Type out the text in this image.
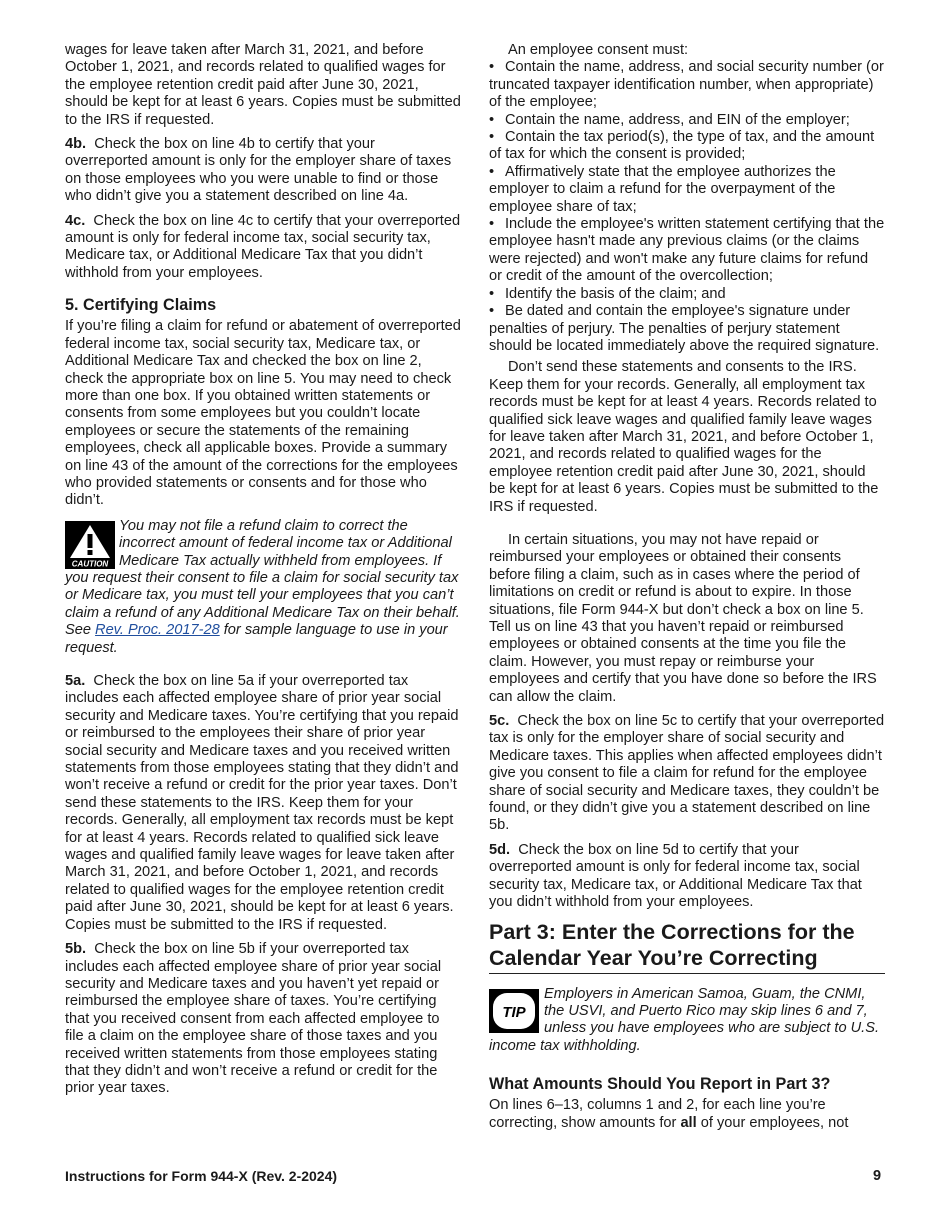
wages for leave taken after March 31, 2021, and before October 1, 2021, and records related to qualified wages for the employee retention credit paid after June 30, 2021, should be kept for at least 6 years. Copies must be submitted to the IRS if requested.

4b. Check the box on line 4b to certify that your overreported amount is only for the employer share of taxes on those employees who you were unable to find or those who didn’t give you a statement described on line 4a.

4c. Check the box on line 4c to certify that your overreported amount is only for federal income tax, social security tax, Medicare tax, or Additional Medicare Tax that you didn’t withhold from your employees.

5. Certifying Claims

If you’re filing a claim for refund or abatement of overreported federal income tax, social security tax, Medicare tax, or Additional Medicare Tax and checked the box on line 2, check the appropriate box on line 5. You may need to check more than one box. If you obtained written statements or consents from some employees but you couldn’t locate employees or secure the statements of the remaining employees, check all applicable boxes. Provide a summary on line 43 of the amount of the corrections for the employees who provided statements or consents and for those who didn’t.

CAUTION
You may not file a refund claim to correct the incorrect amount of federal income tax or Additional Medicare Tax actually withheld from employees. If you request their consent to file a claim for social security tax or Medicare tax, you must tell your employees that you can’t claim a refund of any Additional Medicare Tax on their behalf. See Rev. Proc. 2017-28 for sample language to use in your request.

5a. Check the box on line 5a if your overreported tax includes each affected employee share of prior year social security and Medicare taxes. You’re certifying that you repaid or reimbursed to the employees their share of prior year social security and Medicare taxes and you received written statements from those employees stating that they didn’t and won’t receive a refund or credit for the prior year taxes. Don’t send these statements to the IRS. Keep them for your records. Generally, all employment tax records must be kept for at least 4 years. Records related to qualified sick leave wages and qualified family leave wages for leave taken after March 31, 2021, and before October 1, 2021, and records related to qualified wages for the employee retention credit paid after June 30, 2021, should be kept for at least 6 years. Copies must be submitted to the IRS if requested.

5b. Check the box on line 5b if your overreported tax includes each affected employee share of prior year social security and Medicare taxes and you haven’t yet repaid or reimbursed the employee share of taxes. You’re certifying that you received consent from each affected employee to file a claim on the employee share of those taxes and you received written statements from those employees stating that they didn’t and won’t receive a refund or credit for the prior year taxes.

An employee consent must:

• Contain the name, address, and social security number (or truncated taxpayer identification number, when appropriate) of the employee;

• Contain the name, address, and EIN of the employer;

• Contain the tax period(s), the type of tax, and the amount of tax for which the consent is provided;

• Affirmatively state that the employee authorizes the employer to claim a refund for the overpayment of the employee share of tax;

• Include the employee's written statement certifying that the employee hasn't made any previous claims (or the claims were rejected) and won't make any future claims for refund or credit of the amount of the overcollection;

• Identify the basis of the claim; and

• Be dated and contain the employee's signature under penalties of perjury. The penalties of perjury statement should be located immediately above the required signature.

Don’t send these statements and consents to the IRS. Keep them for your records. Generally, all employment tax records must be kept for at least 4 years. Records related to qualified sick leave wages and qualified family leave wages for leave taken after March 31, 2021, and before October 1, 2021, and records related to qualified wages for the employee retention credit paid after June 30, 2021, should be kept for at least 6 years. Copies must be submitted to the IRS if requested.

In certain situations, you may not have repaid or reimbursed your employees or obtained their consents before filing a claim, such as in cases where the period of limitations on credit or refund is about to expire. In those situations, file Form 944-X but don’t check a box on line 5. Tell us on line 43 that you haven’t repaid or reimbursed employees or obtained consents at the time you file the claim. However, you must repay or reimburse your employees and certify that you have done so before the IRS can allow the claim.

5c. Check the box on line 5c to certify that your overreported tax is only for the employer share of social security and Medicare taxes. This applies when affected employees didn’t give you consent to file a claim for refund for the employee share of social security and Medicare taxes, they couldn’t be found, or they didn’t give you a statement described on line 5b.

5d. Check the box on line 5d to certify that your overreported amount is only for federal income tax, social security tax, Medicare tax, or Additional Medicare Tax that you didn’t withhold from your employees.

Part 3: Enter the Corrections for the Calendar Year You’re Correcting
TIP
Employers in American Samoa, Guam, the CNMI, the USVI, and Puerto Rico may skip lines 6 and 7, unless you have employees who are subject to U.S. income tax withholding.
What Amounts Should You Report in Part 3?

On lines 6–13, columns 1 and 2, for each line you’re correcting, show amounts for all of your employees, not

Instructions for Form 944-X (Rev. 2-2024)	9
